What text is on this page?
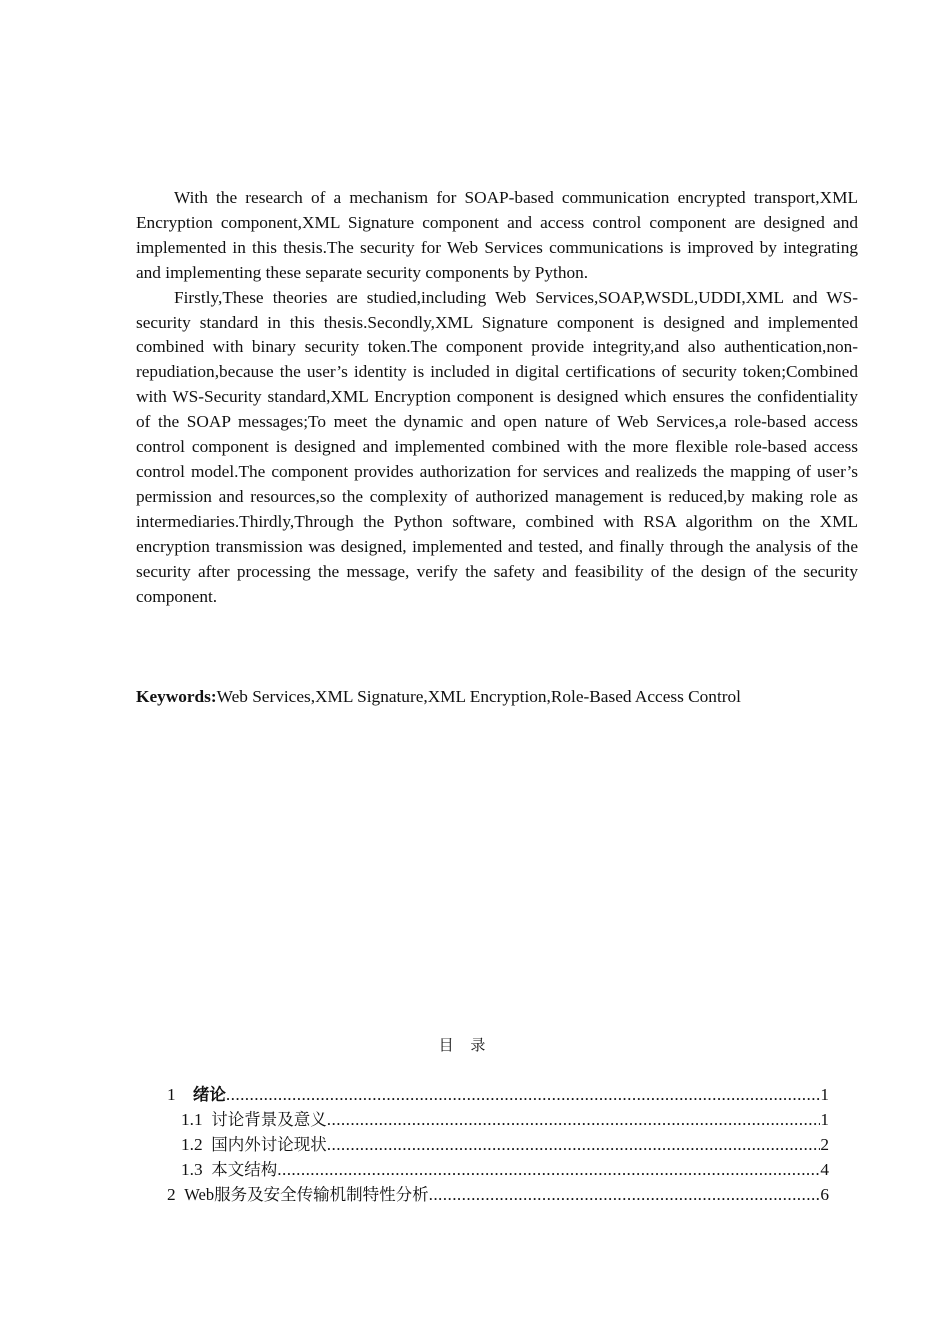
With the research of a mechanism for SOAP-based communication encrypted transport,XML Encryption component,XML Signature component and access control component are designed and implemented in this thesis.The security for Web Services communications is improved by integrating and implementing these separate security components by Python.

Firstly,These theories are studied,including Web Services,SOAP,WSDL,UDDI,XML and WS-security standard in this thesis.Secondly,XML Signature component is designed and implemented combined with binary security token.The component provide integrity,and also authentication,non-repudiation,because the user’s identity is included in digital certifications of security token;Combined with WS-Security standard,XML Encryption component is designed which ensures the confidentiality of the SOAP messages;To meet the dynamic and open nature of Web Services,a role-based access control component is designed and implemented combined with the more flexible role-based access control model.The component provides authorization for services and realizeds the mapping of user’s permission and resources,so the complexity of authorized management is reduced,by making role as intermediaries.Thirdly,Through the Python software, combined with RSA algorithm on the XML encryption transmission was designed, implemented and tested, and finally through the analysis of the security after processing the message, verify the safety and feasibility of the design of the security component.

Keywords:Web Services,XML Signature,XML Encryption,Role-Based Access Control
目 录
1 绪论 .....	1
1.1 讨论背景及意义 .....	1
1.2 国内外讨论现状 .....	2
1.3 本文结构 .....	4
2 Web服务及安全传输机制特性分析 .....	6
